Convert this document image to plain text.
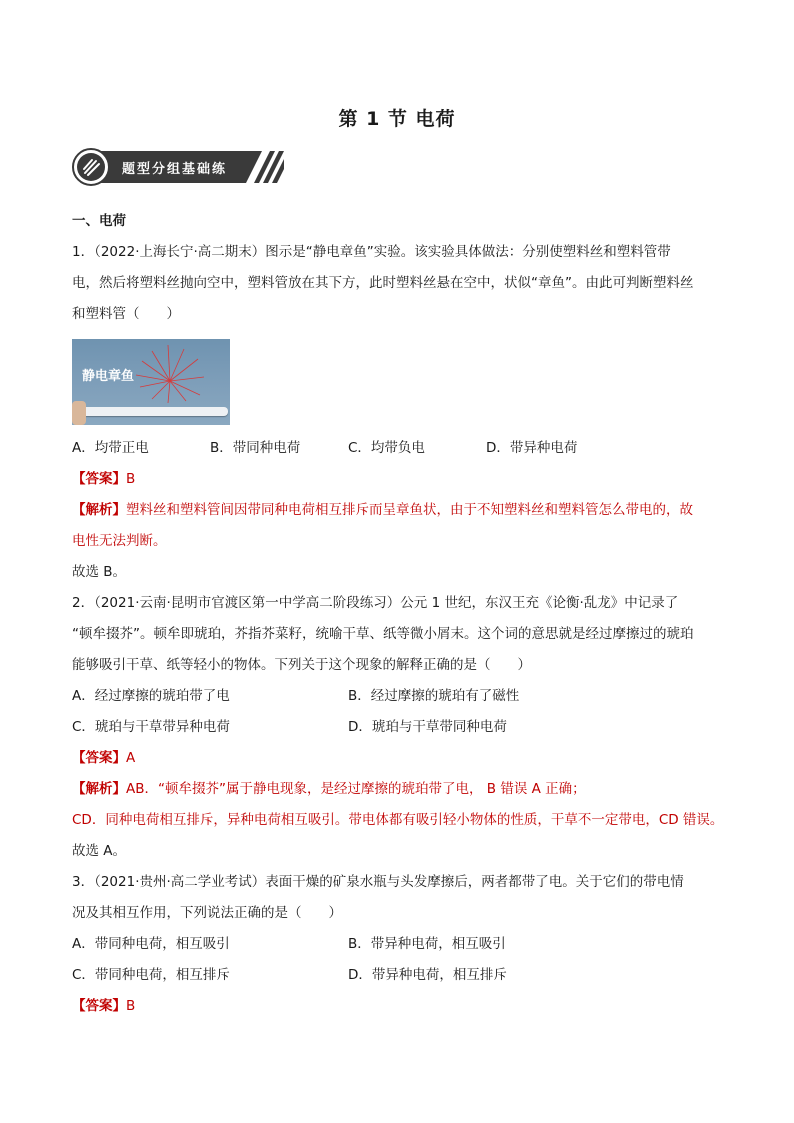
第 1 节 电荷
题型分组基础练
一、电荷
1．（2022·上海长宁·高二期末）图示是“静电章鱼”实验。该实验具体做法：分别使塑料丝和塑料管带
电，然后将塑料丝抛向空中，塑料管放在其下方，此时塑料丝悬在空中，状似“章鱼”。由此可判断塑料丝
和塑料管（　　）
静电章鱼
A．均带正电	B．带同种电荷	C．均带负电	D．带异种电荷
【答案】B
【解析】塑料丝和塑料管间因带同种电荷相互排斥而呈章鱼状，由于不知塑料丝和塑料管怎么带电的，故
电性无法判断。
故选 B。
2．（2021·云南·昆明市官渡区第一中学高二阶段练习）公元 1 世纪，东汉王充《论衡·乱龙》中记录了
“顿牟掇芥”。顿牟即琥珀，芥指芥菜籽，统喻干草、纸等微小屑末。这个词的意思就是经过摩擦过的琥珀
能够吸引干草、纸等轻小的物体。下列关于这个现象的解释正确的是（　　）
A．经过摩擦的琥珀带了电	B．经过摩擦的琥珀有了磁性
C．琥珀与干草带异种电荷	D．琥珀与干草带同种电荷
【答案】A
【解析】AB．“顿牟掇芥”属于静电现象，是经过摩擦的琥珀带了电， B 错误 A 正确；
CD．同种电荷相互排斥，异种电荷相互吸引。带电体都有吸引轻小物体的性质，干草不一定带电，CD 错误。
故选 A。
3．（2021·贵州·高二学业考试）表面干燥的矿泉水瓶与头发摩擦后，两者都带了电。关于它们的带电情
况及其相互作用，下列说法正确的是（　　）
A．带同种电荷，相互吸引	B．带异种电荷，相互吸引
C．带同种电荷，相互排斥	D．带异种电荷，相互排斥
【答案】B
